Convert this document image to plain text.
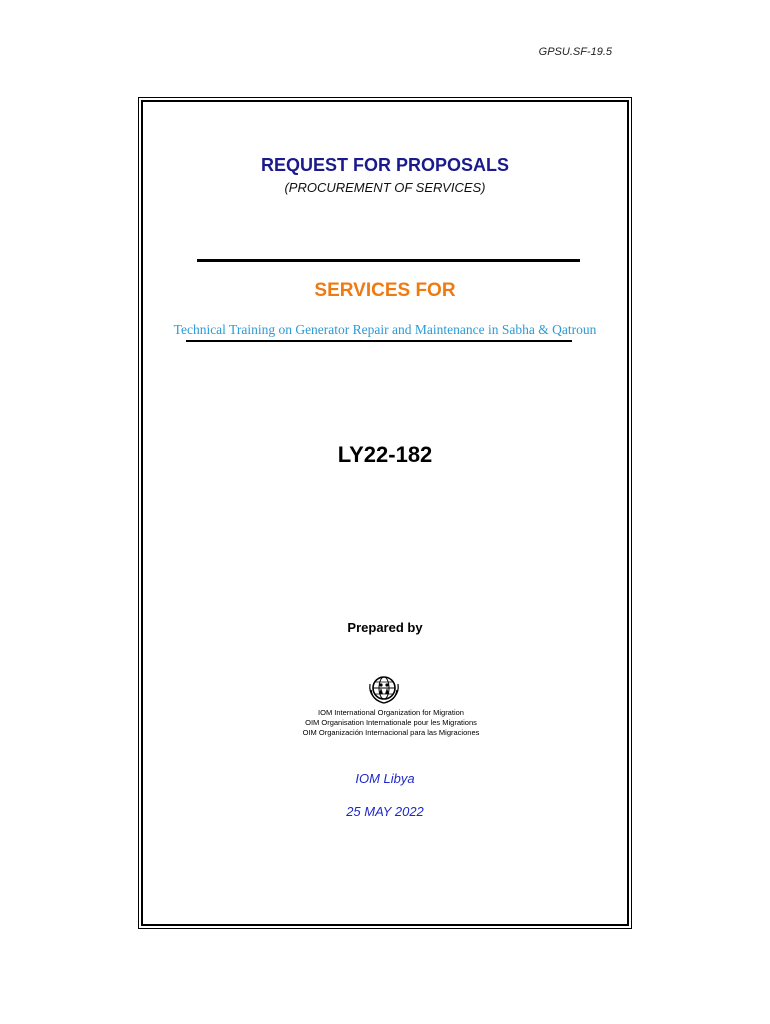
GPSU.SF-19.5
REQUEST FOR PROPOSALS
(PROCUREMENT OF SERVICES)
SERVICES FOR
Technical Training on Generator Repair and Maintenance in Sabha & Qatroun
LY22-182
Prepared by
IOM International Organization for Migration
OIM Organisation Internationale pour les Migrations
OIM Organización Internacional para las Migraciones
IOM Libya
25 MAY 2022
